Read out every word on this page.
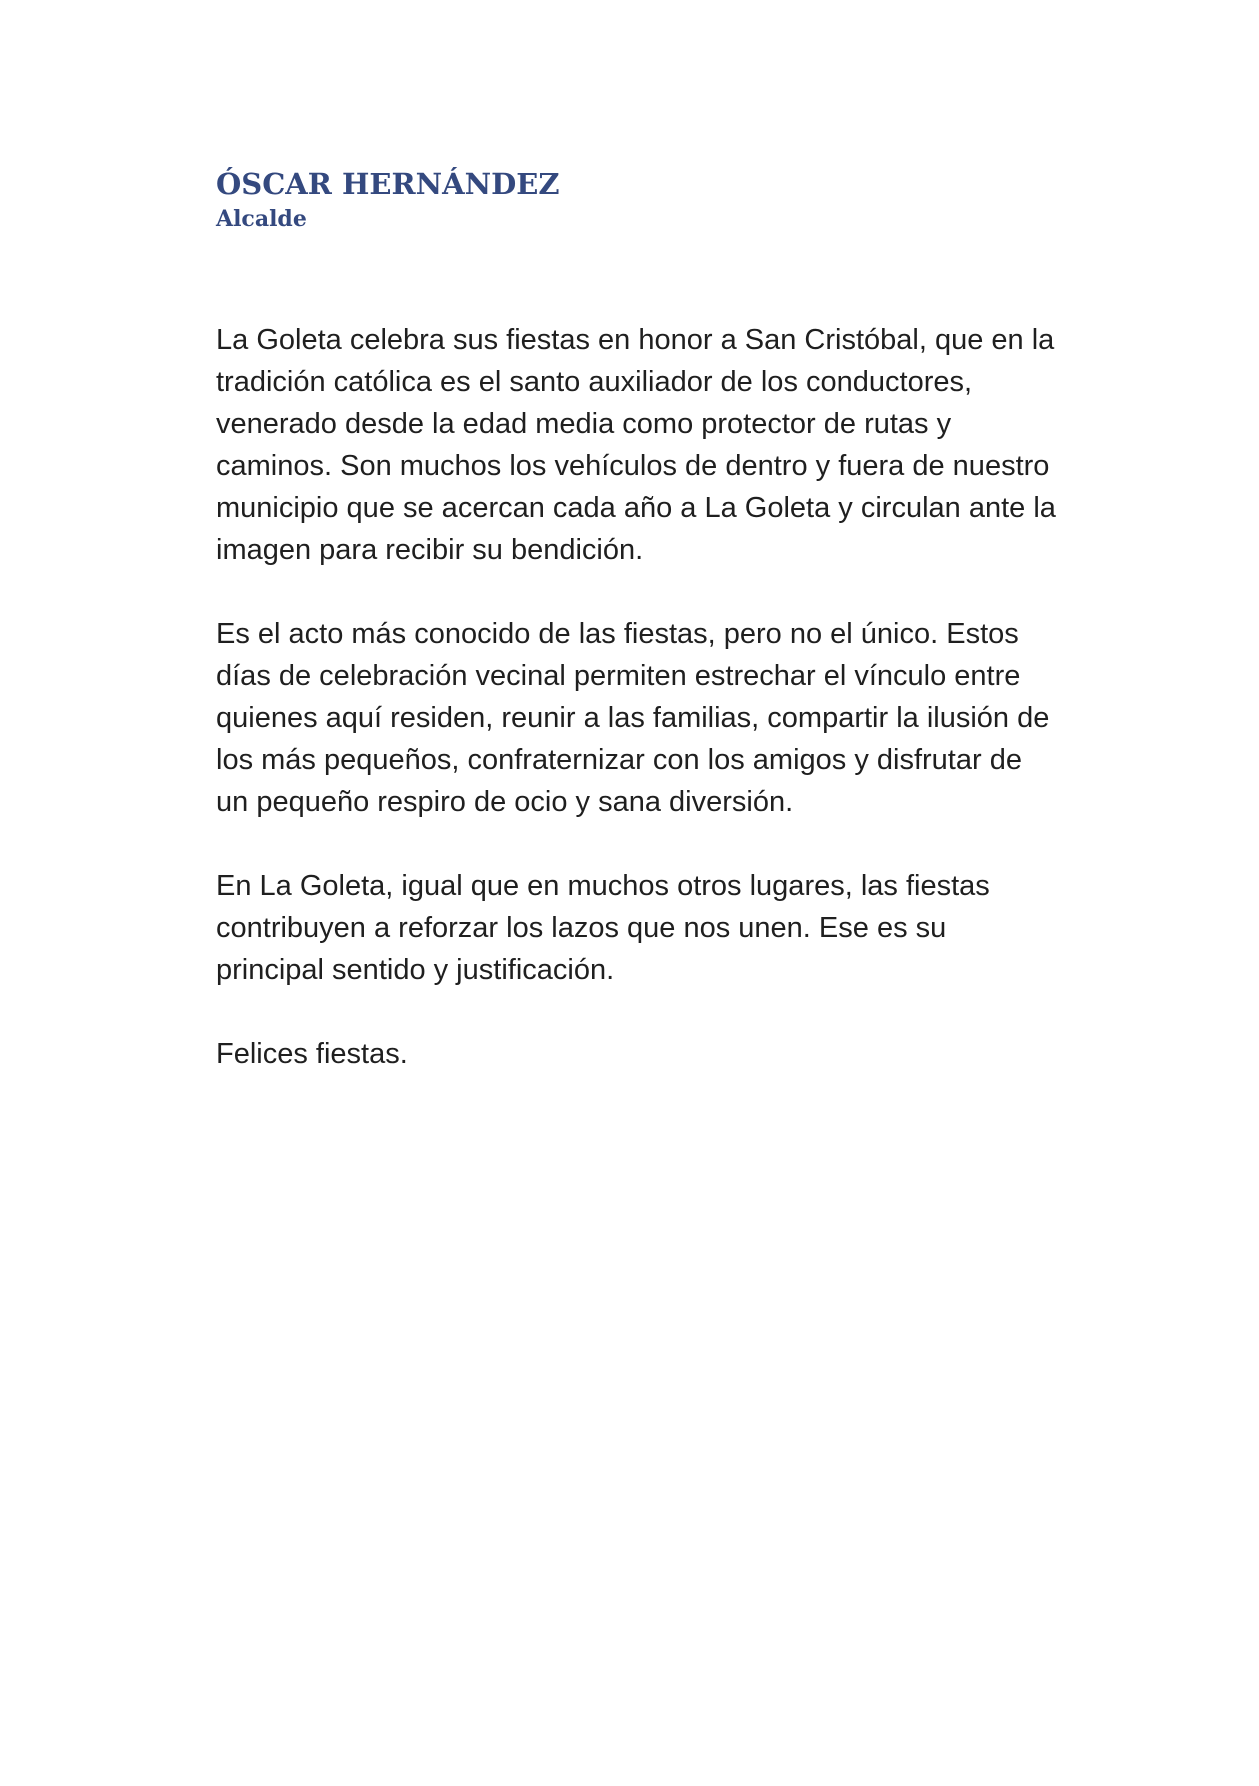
ÓSCAR HERNÁNDEZ
Alcalde

La Goleta celebra sus fiestas en honor a San Cristóbal, que en la tradición católica es el santo auxiliador de los conductores, venerado desde la edad media como protector de rutas y caminos. Son muchos los vehículos de dentro y fuera de nuestro municipio que se acercan cada año a La Goleta y circulan ante la imagen para recibir su bendición.

Es el acto más conocido de las fiestas, pero no el único. Estos días de celebración vecinal permiten estrechar el vínculo entre quienes aquí residen, reunir a las familias, compartir la ilusión de los más pequeños, confraternizar con los amigos y disfrutar de un pequeño respiro de ocio y sana diversión.

En La Goleta, igual que en muchos otros lugares, las fiestas contribuyen a reforzar los lazos que nos unen. Ese es su principal sentido y justificación.

Felices fiestas.
